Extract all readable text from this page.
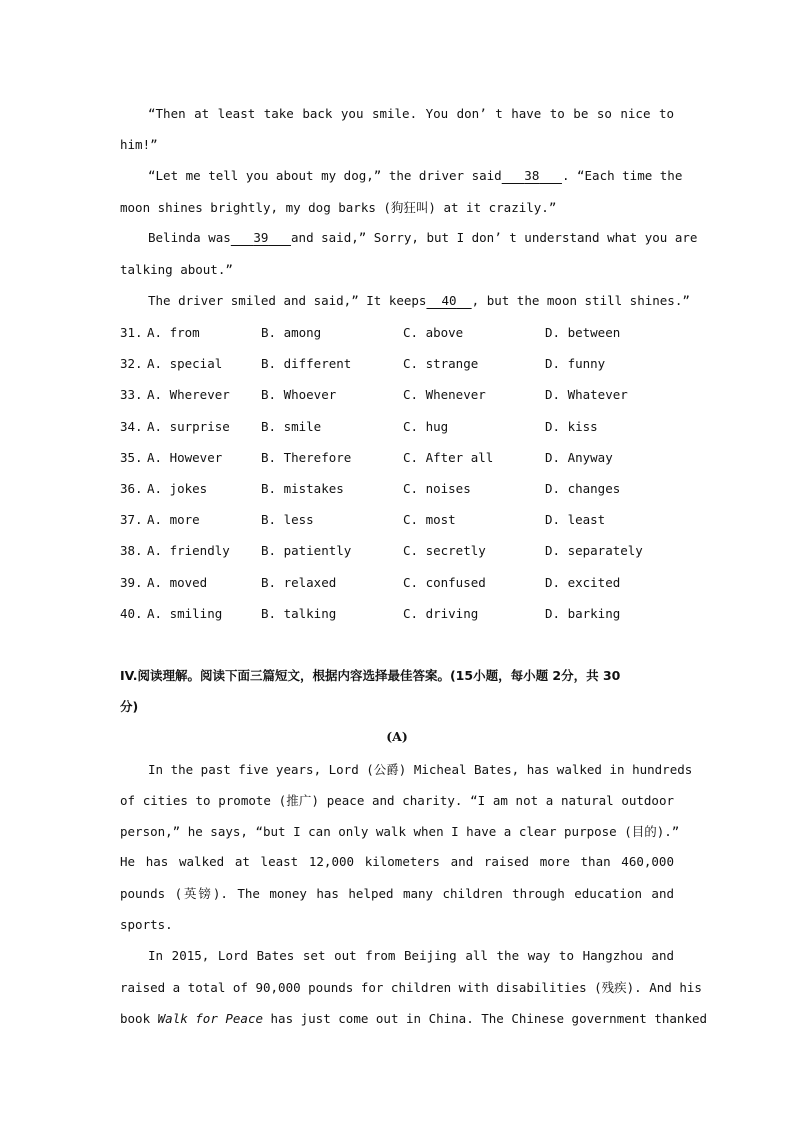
“Then at least take back you smile. You don’ t have to be so nice to
him!”
“Let me tell you about my dog,” the driver said 38 . “Each time the
moon shines brightly, my dog barks (狗狂叫) at it crazily.”
Belinda was 39 and said,” Sorry, but I don’ t understand what you are
talking about.”
The driver smiled and said,” It keeps 40 , but the moon still shines.”
31. A. from	B. among	C. above	D. between
32. A. special	B. different	C. strange	D. funny
33. A. Wherever B. Whoever	C. Whenever	D. Whatever
34. A. surprise B. smile	C. hug	D. kiss
35. A. However	B. Therefore	C. After all	D. Anyway
36. A. jokes	B. mistakes	C. noises	D. changes
37. A. more	B. less	C. most	D. least
38. A. friendly B. patiently	C. secretly	D. separately
39. A. moved	B. relaxed	C. confused	D. excited
40. A. smiling	B. talking	C. driving	D. barking
IV.阅读理解。阅读下面三篇短文，根据内容选择最佳答案。(15小题，每小题 2分，共 30
分)
(A)
In the past five years, Lord (公爵) Micheal Bates, has walked in hundreds
of cities to promote (推广) peace and charity. “I am not a natural outdoor
person,” he says, “but I can only walk when I have a clear purpose (目的).”
He has walked at least 12,000 kilometers and raised more than 460,000
pounds (英镑). The money has helped many children through education and
sports.
In 2015, Lord Bates set out from Beijing all the way to Hangzhou and
raised a total of 90,000 pounds for children with disabilities (残疾). And his
book Walk for Peace has just come out in China. The Chinese government thanked
